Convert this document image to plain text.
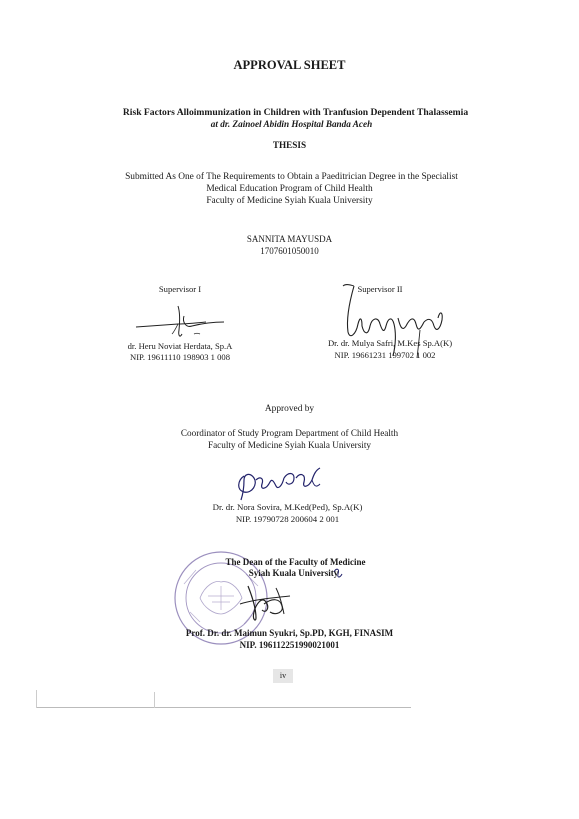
APPROVAL SHEET
Risk Factors Alloimmunization in Children with Tranfusion Dependent Thalassemia
at dr. Zainoel Abidin Hospital Banda Aceh
THESIS
Submitted As One of The Requirements to Obtain a Paeditrician Degree in the Specialist
Medical Education Program of Child Health
Faculty of Medicine Syiah Kuala University
SANNITA MAYUSDA
1707601050010
Supervisor I	Supervisor II
dr. Heru Noviat Herdata, Sp.A
NIP. 19611110 198903 1 008
Dr. dr. Mulya Safri, M.Kes Sp.A(K)
NIP. 19661231 199702 1 002
Approved by
Coordinator of Study Program Department of Child Health
Faculty of Medicine Syiah Kuala University
Dr. dr. Nora Sovira, M.Ked(Ped), Sp.A(K)
NIP. 19790728 200604 2 001
The Dean of the Faculty of Medicine
Syiah Kuala University
Prof. Dr. dr. Maimun Syukri, Sp.PD, KGH, FINASIM
NIP. 196112251990021001
iv
